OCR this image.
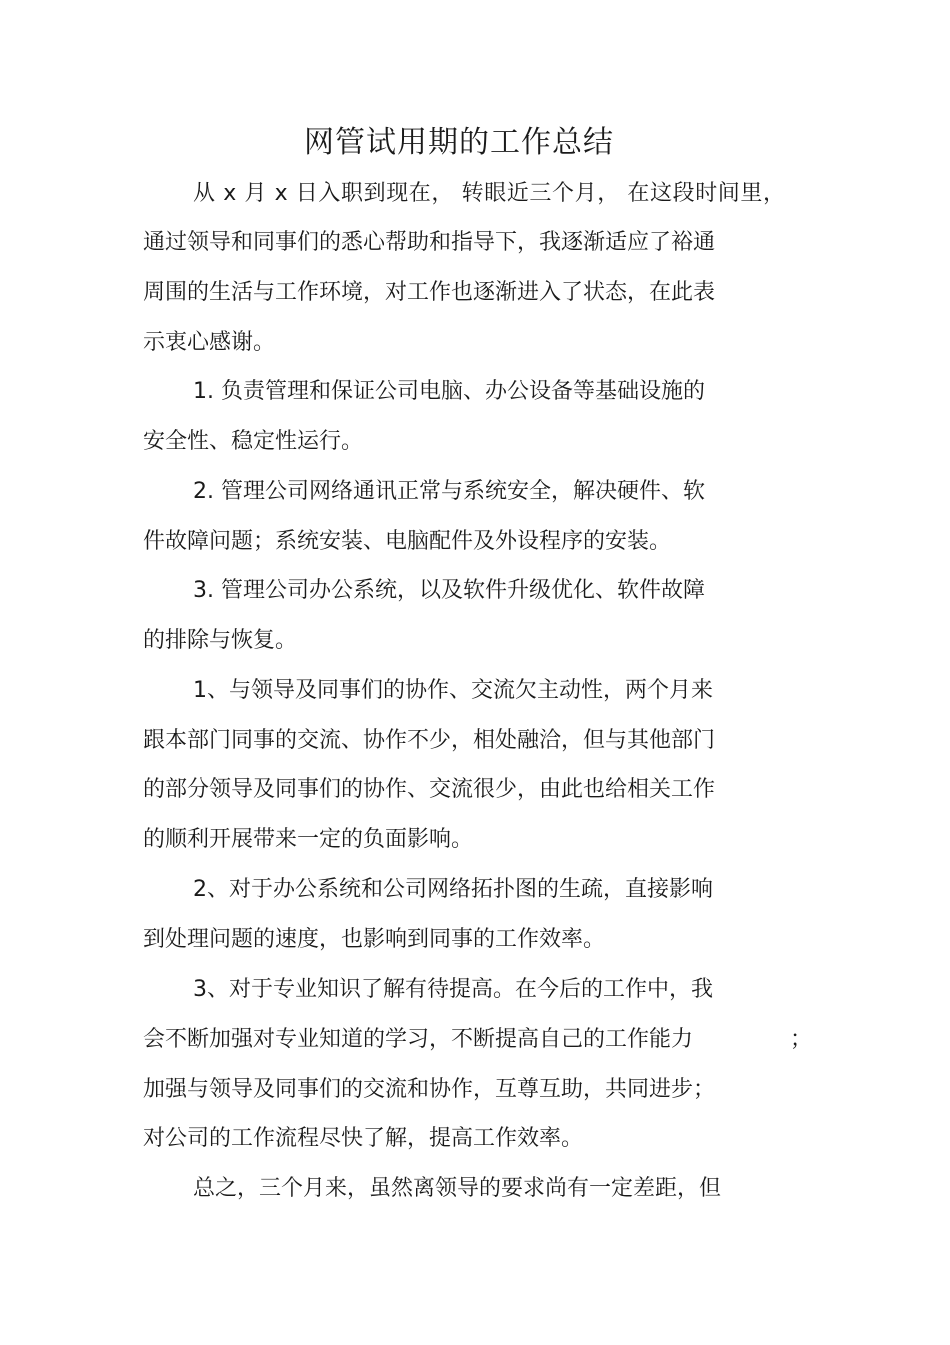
网管试用期的工作总结
从 x 月 x 日入职到现在， 转眼近三个月， 在这段时间里，
通过领导和同事们的悉心帮助和指导下，我逐渐适应了裕通
周围的生活与工作环境，对工作也逐渐进入了状态，在此表
示衷心感谢。
1. 负责管理和保证公司电脑、办公设备等基础设施的
安全性、稳定性运行。
2. 管理公司网络通讯正常与系统安全，解决硬件、软
件故障问题；系统安装、电脑配件及外设程序的安装。
3. 管理公司办公系统，以及软件升级优化、软件故障
的排除与恢复。
1、与领导及同事们的协作、交流欠主动性，两个月来
跟本部门同事的交流、协作不少，相处融洽，但与其他部门
的部分领导及同事们的协作、交流很少，由此也给相关工作
的顺利开展带来一定的负面影响。
2、对于办公系统和公司网络拓扑图的生疏，直接影响
到处理问题的速度，也影响到同事的工作效率。
3、对于专业知识了解有待提高。在今后的工作中，我
会不断加强对专业知道的学习，不断提高自己的工作能力	；
加强与领导及同事们的交流和协作，互尊互助，共同进步；
对公司的工作流程尽快了解，提高工作效率。
总之，三个月来，虽然离领导的要求尚有一定差距，但
